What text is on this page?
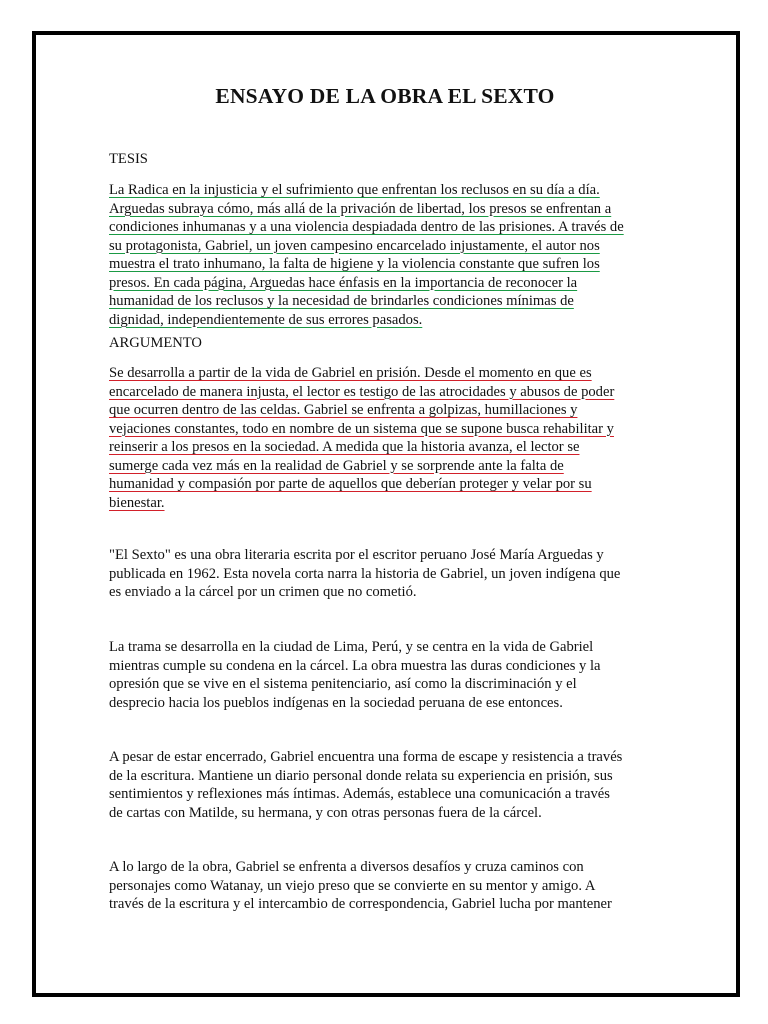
ENSAYO DE LA OBRA EL SEXTO

TESIS

La Radica en la injusticia y el sufrimiento que enfrentan los reclusos en su día a día.
Arguedas subraya cómo, más allá de la privación de libertad, los presos se enfrentan a
condiciones inhumanas y a una violencia despiadada dentro de las prisiones. A través de
su protagonista, Gabriel, un joven campesino encarcelado injustamente, el autor nos
muestra el trato inhumano, la falta de higiene y la violencia constante que sufren los
presos. En cada página, Arguedas hace énfasis en la importancia de reconocer la
humanidad de los reclusos y la necesidad de brindarles condiciones mínimas de
dignidad, independientemente de sus errores pasados.

ARGUMENTO

Se desarrolla a partir de la vida de Gabriel en prisión. Desde el momento en que es
encarcelado de manera injusta, el lector es testigo de las atrocidades y abusos de poder
que ocurren dentro de las celdas. Gabriel se enfrenta a golpizas, humillaciones y
vejaciones constantes, todo en nombre de un sistema que se supone busca rehabilitar y
reinserir a los presos en la sociedad. A medida que la historia avanza, el lector se
sumerge cada vez más en la realidad de Gabriel y se sorprende ante la falta de
humanidad y compasión por parte de aquellos que deberían proteger y velar por su
bienestar.
"El Sexto" es una obra literaria escrita por el escritor peruano José María Arguedas y
publicada en 1962. Esta novela corta narra la historia de Gabriel, un joven indígena que
es enviado a la cárcel por un crimen que no cometió.
La trama se desarrolla en la ciudad de Lima, Perú, y se centra en la vida de Gabriel
mientras cumple su condena en la cárcel. La obra muestra las duras condiciones y la
opresión que se vive en el sistema penitenciario, así como la discriminación y el
desprecio hacia los pueblos indígenas en la sociedad peruana de ese entonces.
A pesar de estar encerrado, Gabriel encuentra una forma de escape y resistencia a través
de la escritura. Mantiene un diario personal donde relata su experiencia en prisión, sus
sentimientos y reflexiones más íntimas. Además, establece una comunicación a través
de cartas con Matilde, su hermana, y con otras personas fuera de la cárcel.
A lo largo de la obra, Gabriel se enfrenta a diversos desafíos y cruza caminos con
personajes como Watanay, un viejo preso que se convierte en su mentor y amigo. A
través de la escritura y el intercambio de correspondencia, Gabriel lucha por mantener
